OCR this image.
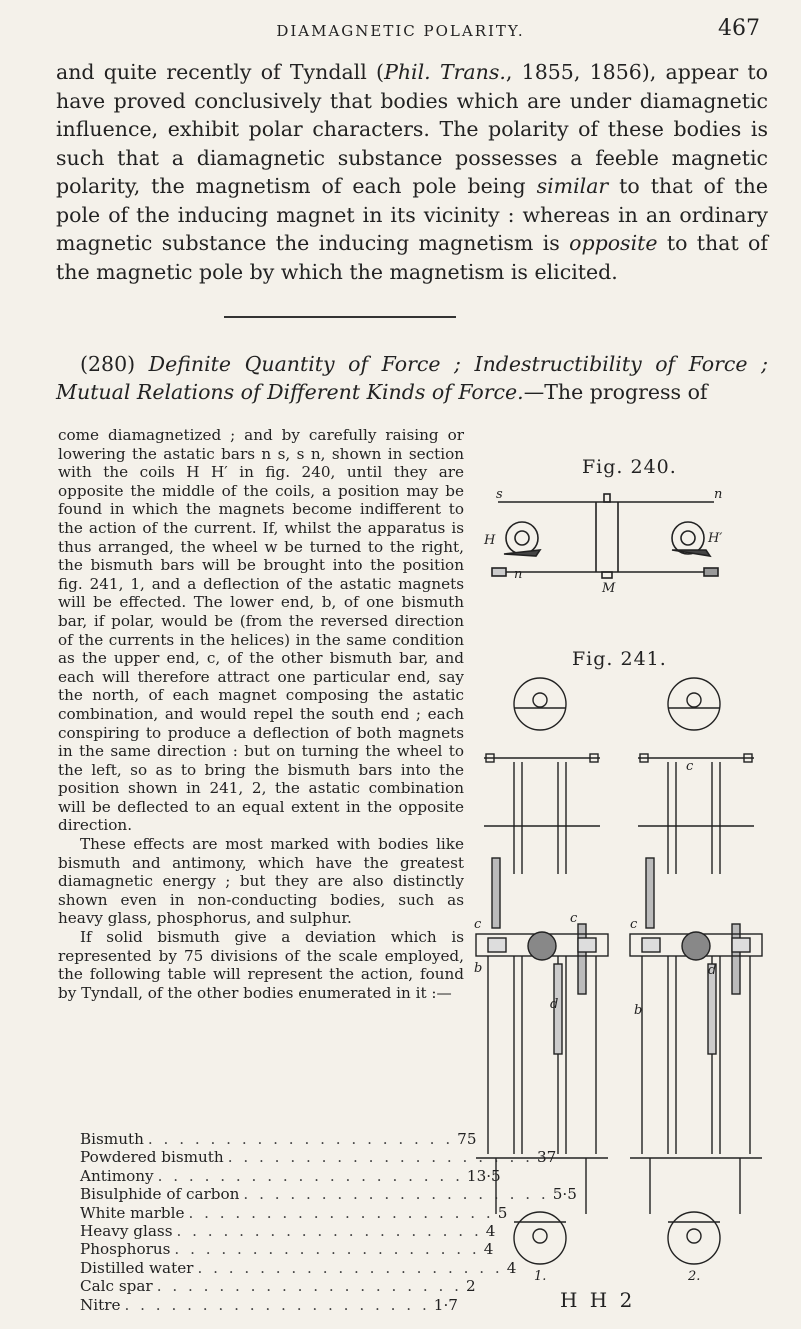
DIAMAGNETIC POLARITY.	467
and quite recently of Tyndall (Phil. Trans., 1855, 1856), appear to have proved conclusively that bodies which are under diamagnetic influence, exhibit polar characters. The polarity of these bodies is such that a diamagnetic substance possesses a feeble magnetic polarity, the magnetism of each pole being similar to that of the pole of the inducing magnet in its vicinity : whereas in an ordinary magnetic substance the inducing magnetism is opposite to that of the magnetic pole by which the magnetism is elicited.
(280) Definite Quantity of Force ; Indestructibility of Force ; Mutual Relations of Different Kinds of Force.—The progress of

come diamagnetized ; and by carefully raising or lowering the astatic bars n s, s n, shown in section with the coils H H′ in fig. 240, until they are opposite the middle of the coils, a position may be found in which the magnets become indifferent to the action of the current. If, whilst the apparatus is thus arranged, the wheel w be turned to the right, the bismuth bars will be brought into the position fig. 241, 1, and a deflection of the astatic magnets will be effected. The lower end, b, of one bismuth bar, if polar, would be (from the reversed direction of the currents in the helices) in the same condition as the upper end, c, of the other bismuth bar, and each will therefore attract one particular end, say the north, of each magnet composing the astatic combination, and would repel the south end ; each conspiring to produce a deflection of both magnets in the same direction : but on turning the wheel to the left, so as to bring the bismuth bars into the position shown in 241, 2, the astatic combination will be deflected to an equal extent in the opposite direction.

These effects are most marked with bodies like bismuth and antimony, which have the greatest diamagnetic energy ; but they are also distinctly shown even in non-conducting bodies, such as heavy glass, phosphorus, and sulphur.

If solid bismuth give a deviation which is represented by 75 divisions of the scale employed, the following table will represent the action, found by Tyndall, of the other bodies enumerated in it :—

Bismuth . . . . . . . . . . . . . . . . . . . . 75
Powdered bismuth . . . . . . . . . . . . . . . . . . . . 37
Antimony . . . . . . . . . . . . . . . . . . . . 13·5
Bisulphide of carbon . . . . . . . . . . . . . . . . . . . . 5·5
White marble . . . . . . . . . . . . . . . . . . . . 5
Heavy glass . . . . . . . . . . . . . . . . . . . . 4
Phosphorus . . . . . . . . . . . . . . . . . . . . 4
Distilled water . . . . . . . . . . . . . . . . . . . . 4
Calc spar . . . . . . . . . . . . . . . . . . . . 2
Nitre . . . . . . . . . . . . . . . . . . . . 1·7
Fig. 240.
s	n
H	H′
n
M
Fig. 241.
c	c
b
d
c
c
d
b
1.	2.
H H 2
